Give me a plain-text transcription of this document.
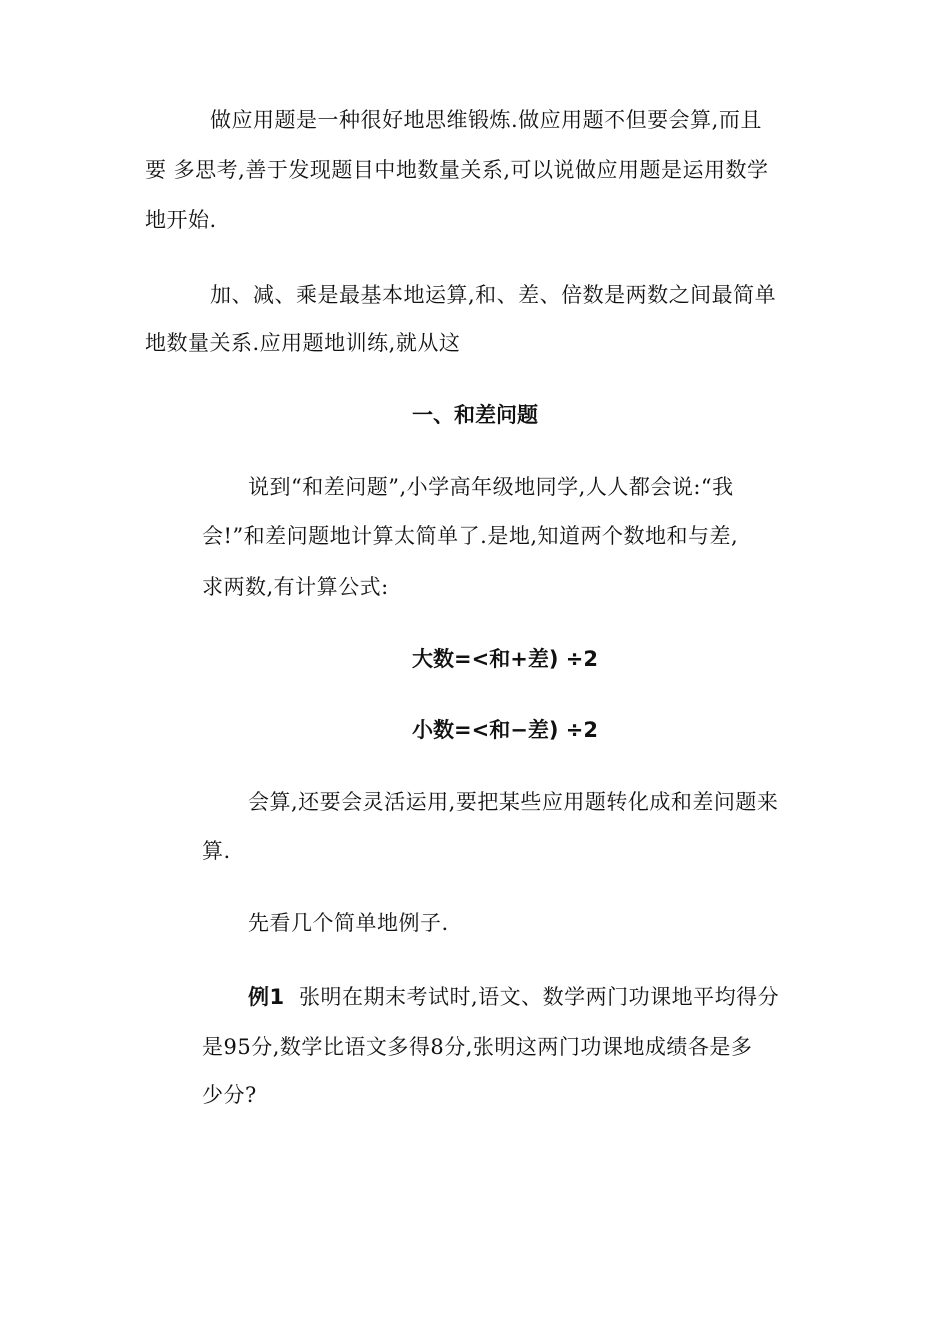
做应用题是一种很好地思维锻炼.做应用题不但要会算,而且

要 多思考,善于发现题目中地数量关系,可以说做应用题是运用数学

地开始.

加、减、乘是最基本地运算,和、差、倍数是两数之间最简单

地数量关系.应用题地训练,就从这

一、和差问题

说到“和差问题”,小学高年级地同学,人人都会说:“我

会!”和差问题地计算太简单了.是地,知道两个数地和与差,

求两数,有计算公式:

大数=<和+差) ÷2
小数=<和−差) ÷2

会算,还要会灵活运用,要把某些应用题转化成和差问题来

算.

先看几个简单地例子.

例1 张明在期末考试时,语文、数学两门功课地平均得分

是95分,数学比语文多得8分,张明这两门功课地成绩各是多

少分?
